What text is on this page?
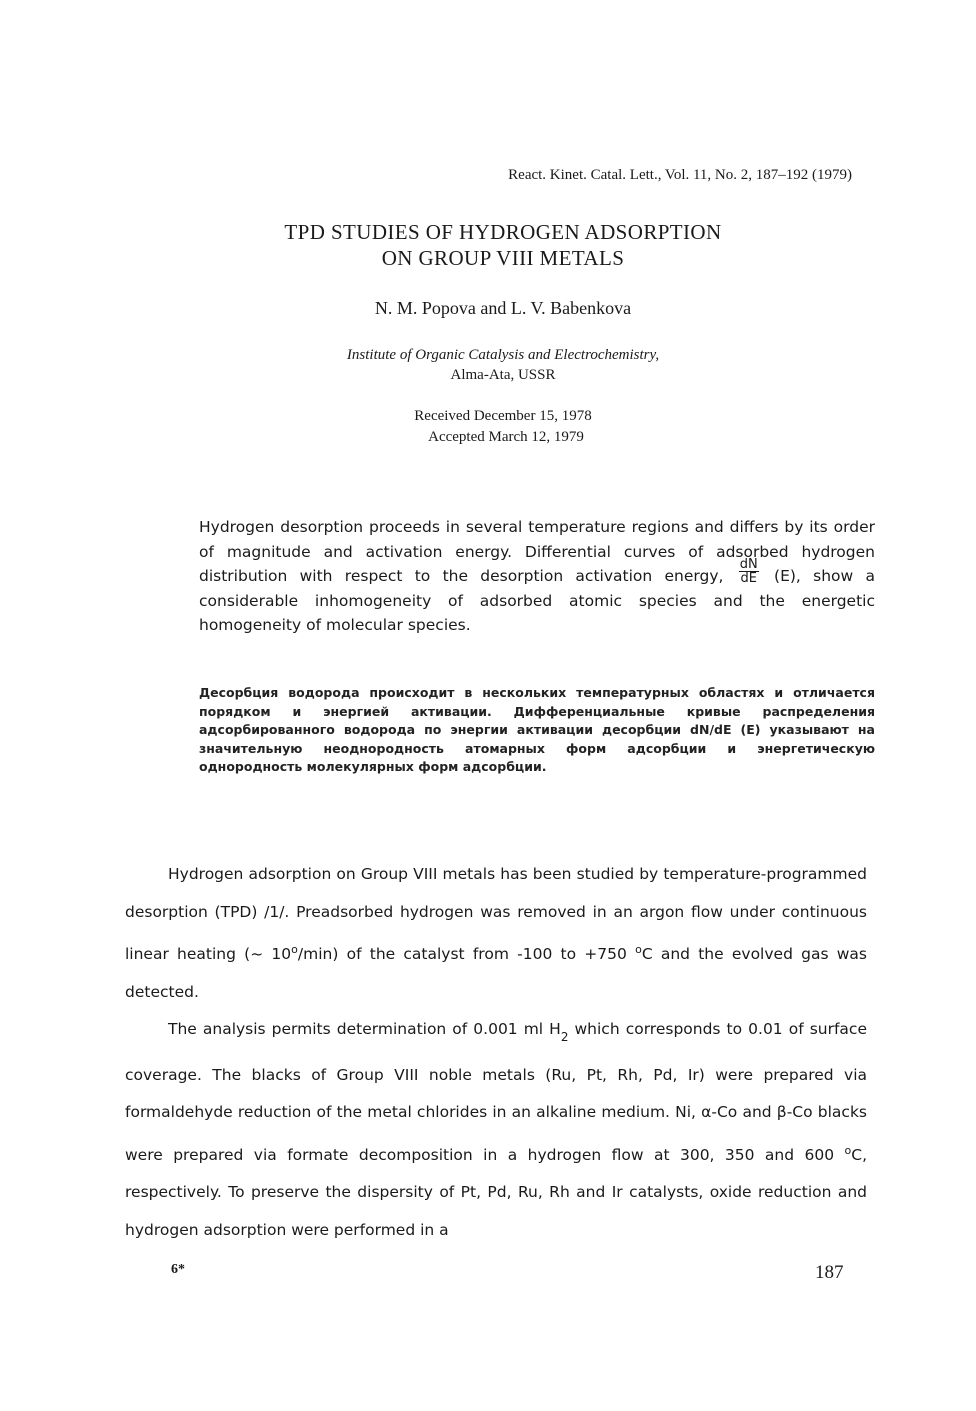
React. Kinet. Catal. Lett., Vol. 11, No. 2, 187–192 (1979)
TPD STUDIES OF HYDROGEN ADSORPTION
ON GROUP VIII METALS
N. M. Popova and L. V. Babenkova
Institute of Organic Catalysis and Electrochemistry,
Alma-Ata, USSR
Received December 15, 1978
Accepted March 12, 1979
Hydrogen desorption proceeds in several temperature regions and differs by its order of magnitude and activation energy. Differential curves of adsorbed hydrogen distribution with respect to the desorption activation energy, $\frac{dN}{dE} (E)$, show a considerable inhomogeneity of adsorbed atomic species and the energetic homogeneity of molecular species.
Десорбция водорода происходит в нескольких температурных областях и отличается порядком и энергией активации. Дифференциальные кривые распределения адсорбированного водорода по энергии активации десорбции dN/dE (E) указывают на значительную неоднородность атомарных форм адсорбции и энергетическую однородность молекулярных форм адсорбции.

Hydrogen adsorption on Group VIII metals has been studied by temperature-programmed desorption (TPD) /1/. Preadsorbed hydrogen was removed in an argon flow under continuous linear heating (~ 10$^o$/min) of the catalyst from -100 to +750 $^o$C and the evolved gas was detected.

The analysis permits determination of 0.001 ml $H_2$ which corresponds to 0.01 of surface coverage. The blacks of Group VIII noble metals (Ru, Pt, Rh, Pd, Ir) were prepared via formaldehyde reduction of the metal chlorides in an alkaline medium. Ni, α-Co and β-Co blacks were prepared via formate decomposition in a hydrogen flow at 300, 350 and 600 $^o$C, respectively. To preserve the dispersity of Pt, Pd, Ru, Rh and Ir catalysts, oxide reduction and hydrogen adsorption were performed in a

6*	187
